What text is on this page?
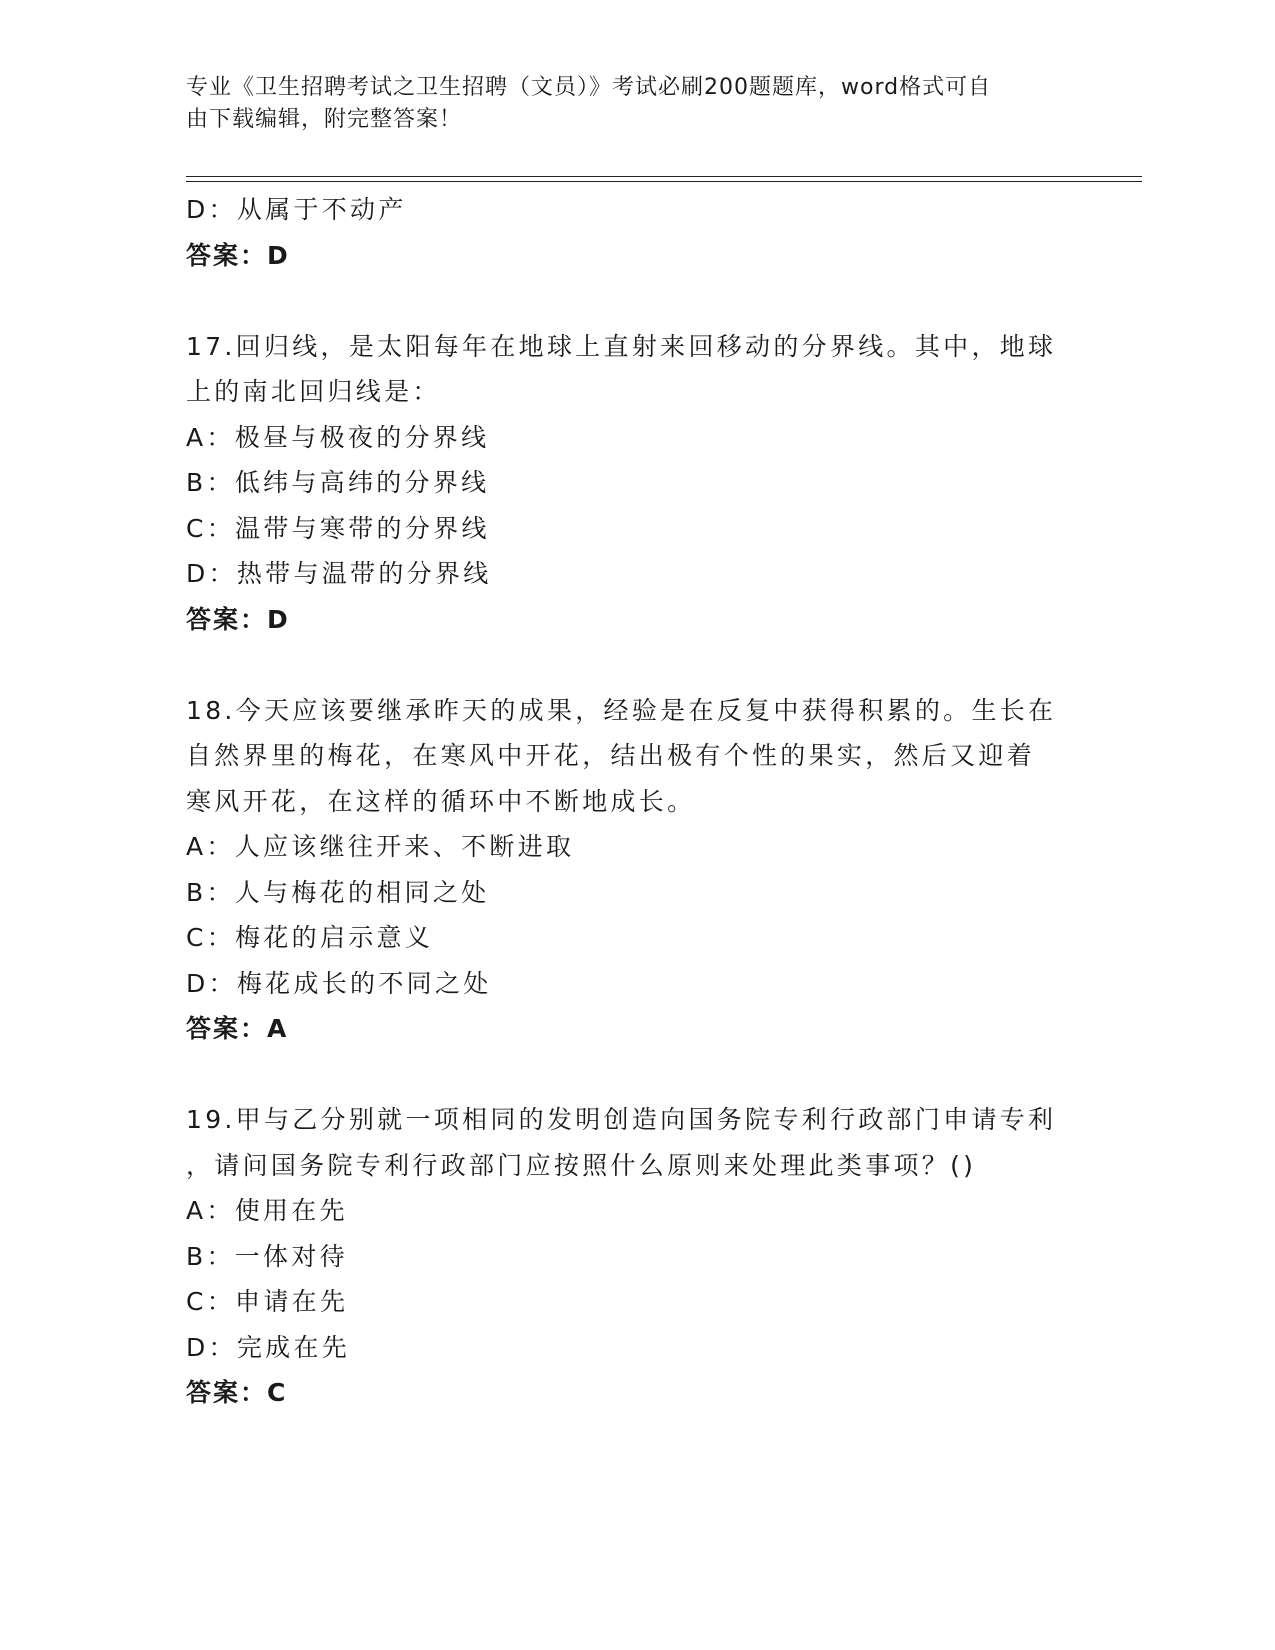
专业《卫生招聘考试之卫生招聘（文员）》考试必刷200题题库，word格式可自
由下载编辑，附完整答案！
D：从属于不动产
答案：D
17.回归线，是太阳每年在地球上直射来回移动的分界线。其中，地球
上的南北回归线是：
A：极昼与极夜的分界线
B：低纬与高纬的分界线
C：温带与寒带的分界线
D：热带与温带的分界线
答案：D
18.今天应该要继承昨天的成果，经验是在反复中获得积累的。生长在
自然界里的梅花，在寒风中开花，结出极有个性的果实，然后又迎着
寒风开花，在这样的循环中不断地成长。
A：人应该继往开来、不断进取
B：人与梅花的相同之处
C：梅花的启示意义
D：梅花成长的不同之处
答案：A
19.甲与乙分别就一项相同的发明创造向国务院专利行政部门申请专利
，请问国务院专利行政部门应按照什么原则来处理此类事项？()
A：使用在先
B：一体对待
C：申请在先
D：完成在先
答案：C
